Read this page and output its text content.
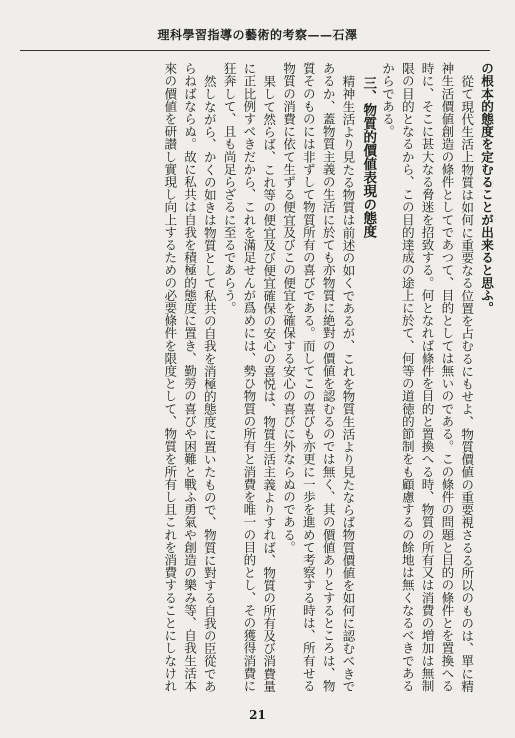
理科學習指導の藝術的考察——石澤

の根本的態度を定むることが出来ると思ふ。

從て現代生活上物質は如何に重要なる位置を占むるにもせよ、物質價値の重要視さるる所以のものは、單に精神生活價値創造の條件としてであつて、目的としては無いのである。この條件の問題と目的の條件とを置換へる時に、そこに甚大なる脅迷を招致する。何となれば條件を目的と置換へる時、物質の所有又は消費の増加は無制限の目的となるから、この目的達成の途上に於て、何等の道徳的節制をも顧慮するの餘地は無くなるべきであるからである。

三、物質的價値表現の態度

精神生活より見たる物質は前述の如くであるが、これを物質生活より見たならば物質價値を如何に認むべきであるか、蓋物質主義の生活に於ても亦物質に絶對の價値を認むるのでは無く、其の價値ありとするところは、物質そのものには非ずして物質所有の喜びである。而してこの喜びも亦更に一歩を進めて考察する時は、所有せる物質の消費に依て生ずる便宜及びこの便宜を確保する安心の喜びに外ならぬのである。

果して然らば、これ等の便宜及び便宜確保の安心の喜悦は、物質生活主義よりすれば、物質の所有及び消費量に正比例すべきだから、これを滿足せんが爲めには、勢ひ物質の所有と消費を唯一の目的とし、その獲得消費に狂奔して、且も尚足らざるに至るであらう。

然しながら、かくの如きは物質として私共の自我を消極的態度に置いたもので、物質に對する自我の臣從であらねばならぬ。故に私共は自我を積極的態度に置き、勤勞の喜びや困難と戰ふ勇氣や創造の樂み等、自我生活本來の價値を研讃し實現し向上するための必要條件を限度として、物質を所有し且これを消費することにしなけれ

21
